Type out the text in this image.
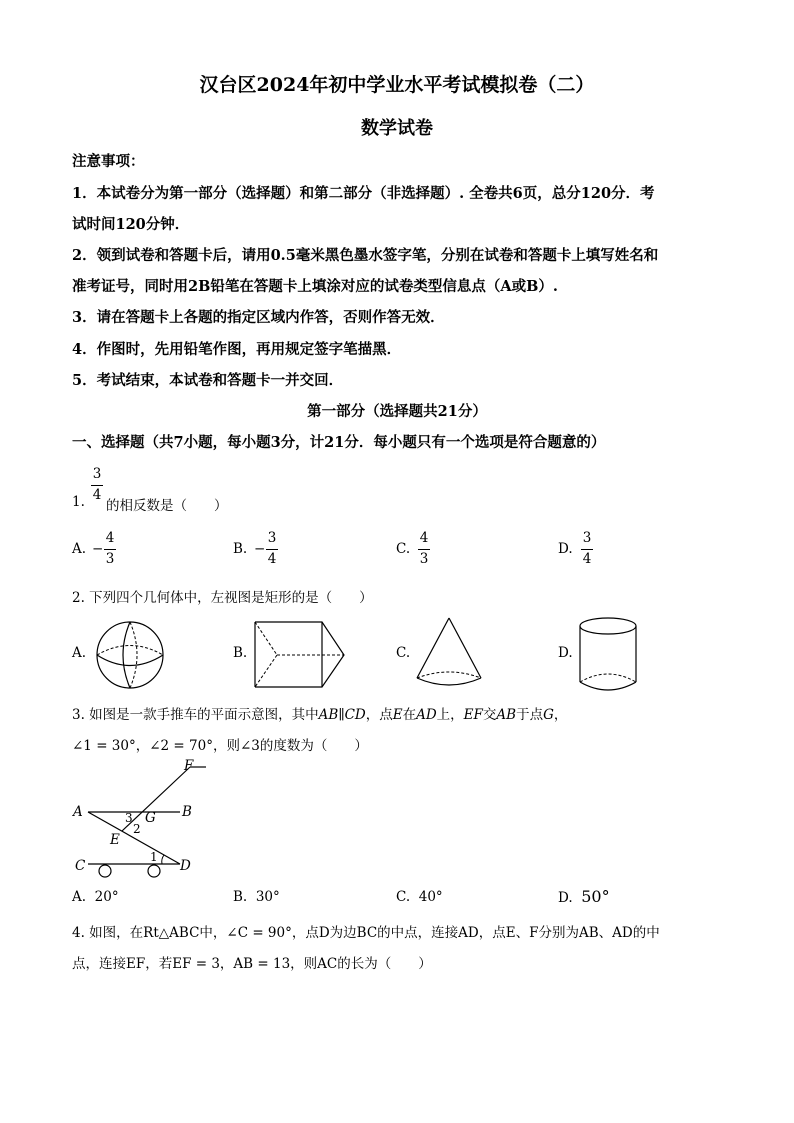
汉台区2024年初中学业水平考试模拟卷（二）
数学试卷
注意事项：
1．本试卷分为第一部分（选择题）和第二部分（非选择题）. 全卷共6页，总分120分．考
试时间120分钟．
2．领到试卷和答题卡后，请用0.5毫米黑色墨水签字笔，分别在试卷和答题卡上填写姓名和
准考证号，同时用2B铅笔在答题卡上填涂对应的试卷类型信息点（A或B）.
3．请在答题卡上各题的指定区域内作答，否则作答无效．
4．作图时，先用铅笔作图，再用规定签字笔描黑．
5．考试结束，本试卷和答题卡一并交回．
第一部分（选择题共21分）
一、选择题（共7小题，每小题3分，计21分．每小题只有一个选项是符合题意的）
1.
3
4
的相反数是（　　）
A. −
4
3
B. −
3
4
C.
4
3
D.
3
4
2. 下列四个几何体中，左视图是矩形的是（　　）
A.	B.	C.	D.
3. 如图是一款手推车的平面示意图，其中AB∥CD，点E在AD上，EF交AB于点G，
∠1 = 30°，∠2 = 70°，则∠3的度数为（　　）
F
A	B
G
3
2
E
C
1
D
A. 20°	B. 30°	C. 40°	D. 50°
4. 如图，在Rt△ABC中，∠C = 90°，点D为边BC的中点，连接AD，点E、F分别为AB、AD的中
点，连接EF，若EF = 3，AB = 13，则AC的长为（　　）
